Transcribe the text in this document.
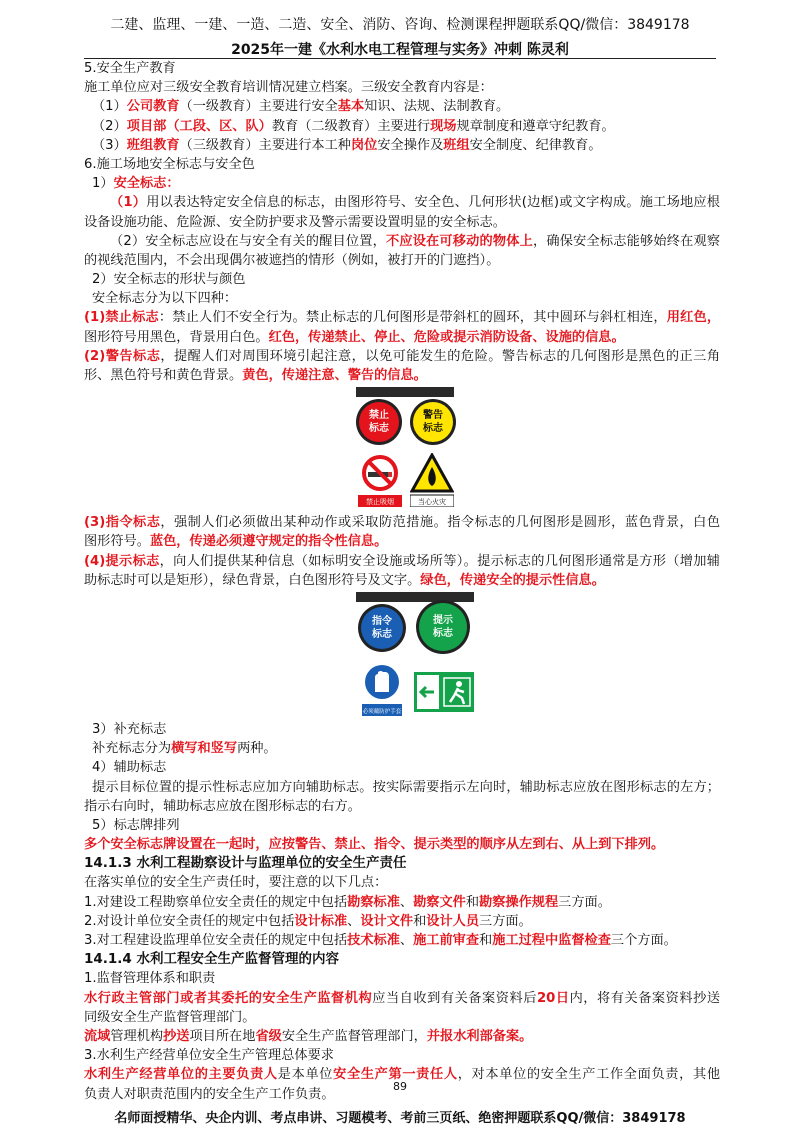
二建、监理、一建、一造、二造、安全、消防、咨询、检测课程押题联系QQ/微信：3849178
2025年一建《水利水电工程管理与实务》冲刺 陈灵利
5.安全生产教育
施工单位应对三级安全教育培训情况建立档案。三级安全教育内容是：
（1）公司教育（一级教育）主要进行安全基本知识、法规、法制教育。
（2）项目部（工段、区、队）教育（二级教育）主要进行现场规章制度和遵章守纪教育。
（3）班组教育（三级教育）主要进行本工种岗位安全操作及班组安全制度、纪律教育。
6.施工场地安全标志与安全色
1）安全标志：
（1）用以表达特定安全信息的标志，由图形符号、安全色、几何形状(边框)或文字构成。施工场地应根
设备设施功能、危险源、安全防护要求及警示需要设置明显的安全标志。
（2）安全标志应设在与安全有关的醒目位置，不应设在可移动的物体上，确保安全标志能够始终在观察
的视线范围内，不会出现偶尔被遮挡的情形（例如，被打开的门遮挡）。
2）安全标志的形状与颜色
安全标志分为以下四种：
(1)禁止标志：禁止人们不安全行为。禁止标志的几何图形是带斜杠的圆环，其中圆环与斜杠相连，用红色，
图形符号用黑色，背景用白色。红色，传递禁止、停止、危险或提示消防设备、设施的信息。
(2)警告标志，提醒人们对周围环境引起注意，以免可能发生的危险。警告标志的几何图形是黑色的正三角
形、黑色符号和黄色背景。黄色，传递注意、警告的信息。
禁止
标志
警告
标志
禁止吸烟	当心火灾
(3)指令标志，强制人们必须做出某种动作或采取防范措施。指令标志的几何图形是圆形，蓝色背景，白色
图形符号。蓝色，传递必须遵守规定的指令性信息。
(4)提示标志，向人们提供某种信息（如标明安全设施或场所等）。提示标志的几何图形通常是方形（增加辅
助标志时可以是矩形），绿色背景，白色图形符号及文字。绿色，传递安全的提示性信息。
指令
标志
提示
标志
必须戴防护手套
3）补充标志
补充标志分为横写和竖写两种。
4）辅助标志
提示目标位置的提示性标志应加方向辅助标志。按实际需要指示左向时，辅助标志应放在图形标志的左方；
指示右向时，辅助标志应放在图形标志的右方。
5）标志牌排列
多个安全标志牌设置在一起时，应按警告、禁止、指令、提示类型的顺序从左到右、从上到下排列。
14.1.3 水利工程勘察设计与监理单位的安全生产责任
在落实单位的安全生产责任时，要注意的以下几点：
1.对建设工程勘察单位安全责任的规定中包括勘察标准、勘察文件和勘察操作规程三方面。
2.对设计单位安全责任的规定中包括设计标准、设计文件和设计人员三方面。
3.对工程建设监理单位安全责任的规定中包括技术标准、施工前审查和施工过程中监督检查三个方面。
14.1.4 水利工程安全生产监督管理的内容
1.监督管理体系和职责
水行政主管部门或者其委托的安全生产监督机构应当自收到有关备案资料后20日内，将有关备案资料抄送
同级安全生产监督管理部门。
流域管理机构抄送项目所在地省级安全生产监督管理部门，并报水利部备案。
3.水利生产经营单位安全生产管理总体要求
水利生产经营单位的主要负责人是本单位安全生产第一责任人，对本单位的安全生产工作全面负责，其他
负责人对职责范围内的安全生产工作负责。	89
名师面授精华、央企内训、考点串讲、习题模考、考前三页纸、绝密押题联系QQ/微信：3849178
